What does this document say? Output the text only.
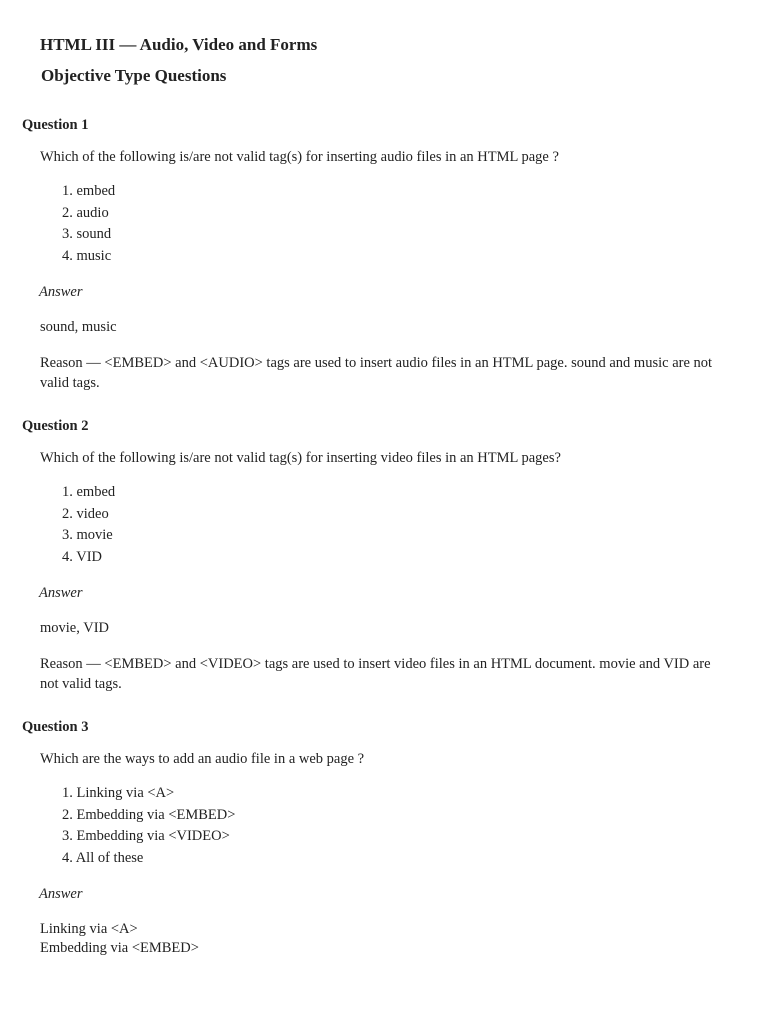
HTML III — Audio, Video and Forms
Objective Type Questions

Question 1

Which of the following is/are not valid tag(s) for inserting audio files in an HTML page ?

1. embed
2. audio
3. sound
4. music

Answer

sound, music

Reason — <EMBED> and <AUDIO> tags are used to insert audio files in an HTML page. sound and music are not valid tags.

Question 2

Which of the following is/are not valid tag(s) for inserting video files in an HTML pages?

1. embed
2. video
3. movie
4. VID

Answer

movie, VID

Reason — <EMBED> and <VIDEO> tags are used to insert video files in an HTML document. movie and VID are not valid tags.

Question 3

Which are the ways to add an audio file in a web page ?

1. Linking via <A>
2. Embedding via <EMBED>
3. Embedding via <VIDEO>
4. All of these

Answer

Linking via <A>
Embedding via <EMBED>
